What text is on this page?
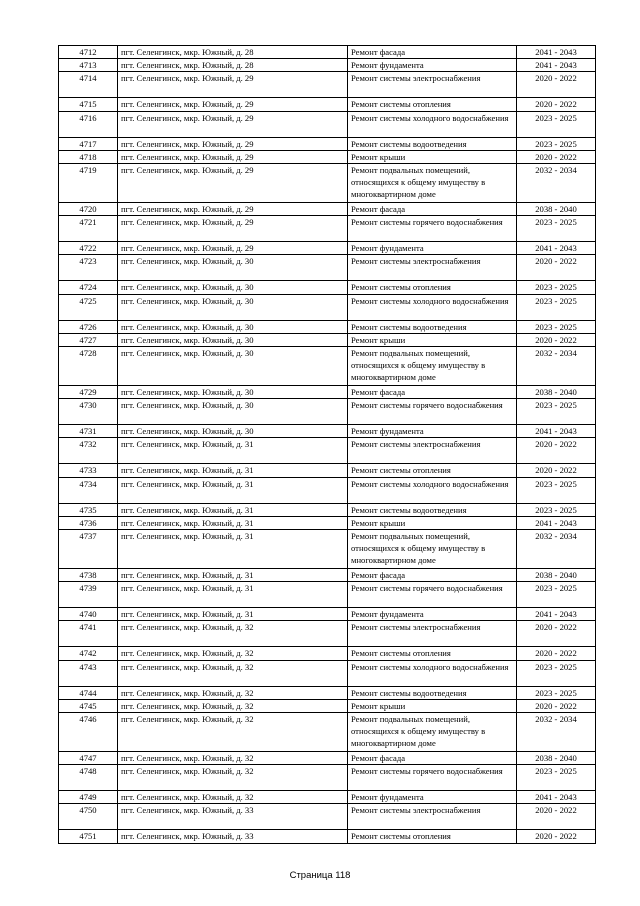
4712	пгт. Селенгинск, мкр. Южный, д. 28	Ремонт фасада	2041 - 2043
4713	пгт. Селенгинск, мкр. Южный, д. 28	Ремонт фундамента	2041 - 2043
4714	пгт. Селенгинск, мкр. Южный, д. 29	Ремонт системы электроснабжения	2020 - 2022
4715	пгт. Селенгинск, мкр. Южный, д. 29	Ремонт системы отопления	2020 - 2022
4716	пгт. Селенгинск, мкр. Южный, д. 29	Ремонт системы холодного водоснабжения	2023 - 2025
4717	пгт. Селенгинск, мкр. Южный, д. 29	Ремонт системы водоотведения	2023 - 2025
4718	пгт. Селенгинск, мкр. Южный, д. 29	Ремонт крыши	2020 - 2022
4719	пгт. Селенгинск, мкр. Южный, д. 29	Ремонт подвальных помещений, относящихся к общему имуществу в многоквартирном доме	2032 - 2034
4720	пгт. Селенгинск, мкр. Южный, д. 29	Ремонт фасада	2038 - 2040
4721	пгт. Селенгинск, мкр. Южный, д. 29	Ремонт системы горячего водоснабжения	2023 - 2025
4722	пгт. Селенгинск, мкр. Южный, д. 29	Ремонт фундамента	2041 - 2043
4723	пгт. Селенгинск, мкр. Южный, д. 30	Ремонт системы электроснабжения	2020 - 2022
4724	пгт. Селенгинск, мкр. Южный, д. 30	Ремонт системы отопления	2023 - 2025
4725	пгт. Селенгинск, мкр. Южный, д. 30	Ремонт системы холодного водоснабжения	2023 - 2025
4726	пгт. Селенгинск, мкр. Южный, д. 30	Ремонт системы водоотведения	2023 - 2025
4727	пгт. Селенгинск, мкр. Южный, д. 30	Ремонт крыши	2020 - 2022
4728	пгт. Селенгинск, мкр. Южный, д. 30	Ремонт подвальных помещений, относящихся к общему имуществу в многоквартирном доме	2032 - 2034
4729	пгт. Селенгинск, мкр. Южный, д. 30	Ремонт фасада	2038 - 2040
4730	пгт. Селенгинск, мкр. Южный, д. 30	Ремонт системы горячего водоснабжения	2023 - 2025
4731	пгт. Селенгинск, мкр. Южный, д. 30	Ремонт фундамента	2041 - 2043
4732	пгт. Селенгинск, мкр. Южный, д. 31	Ремонт системы электроснабжения	2020 - 2022
4733	пгт. Селенгинск, мкр. Южный, д. 31	Ремонт системы отопления	2020 - 2022
4734	пгт. Селенгинск, мкр. Южный, д. 31	Ремонт системы холодного водоснабжения	2023 - 2025
4735	пгт. Селенгинск, мкр. Южный, д. 31	Ремонт системы водоотведения	2023 - 2025
4736	пгт. Селенгинск, мкр. Южный, д. 31	Ремонт крыши	2041 - 2043
4737	пгт. Селенгинск, мкр. Южный, д. 31	Ремонт подвальных помещений, относящихся к общему имуществу в многоквартирном доме	2032 - 2034
4738	пгт. Селенгинск, мкр. Южный, д. 31	Ремонт фасада	2038 - 2040
4739	пгт. Селенгинск, мкр. Южный, д. 31	Ремонт системы горячего водоснабжения	2023 - 2025
4740	пгт. Селенгинск, мкр. Южный, д. 31	Ремонт фундамента	2041 - 2043
4741	пгт. Селенгинск, мкр. Южный, д. 32	Ремонт системы электроснабжения	2020 - 2022
4742	пгт. Селенгинск, мкр. Южный, д. 32	Ремонт системы отопления	2020 - 2022
4743	пгт. Селенгинск, мкр. Южный, д. 32	Ремонт системы холодного водоснабжения	2023 - 2025
4744	пгт. Селенгинск, мкр. Южный, д. 32	Ремонт системы водоотведения	2023 - 2025
4745	пгт. Селенгинск, мкр. Южный, д. 32	Ремонт крыши	2020 - 2022
4746	пгт. Селенгинск, мкр. Южный, д. 32	Ремонт подвальных помещений, относящихся к общему имуществу в многоквартирном доме	2032 - 2034
4747	пгт. Селенгинск, мкр. Южный, д. 32	Ремонт фасада	2038 - 2040
4748	пгт. Селенгинск, мкр. Южный, д. 32	Ремонт системы горячего водоснабжения	2023 - 2025
4749	пгт. Селенгинск, мкр. Южный, д. 32	Ремонт фундамента	2041 - 2043
4750	пгт. Селенгинск, мкр. Южный, д. 33	Ремонт системы электроснабжения	2020 - 2022
4751	пгт. Селенгинск, мкр. Южный, д. 33	Ремонт системы отопления	2020 - 2022
Страница 118
